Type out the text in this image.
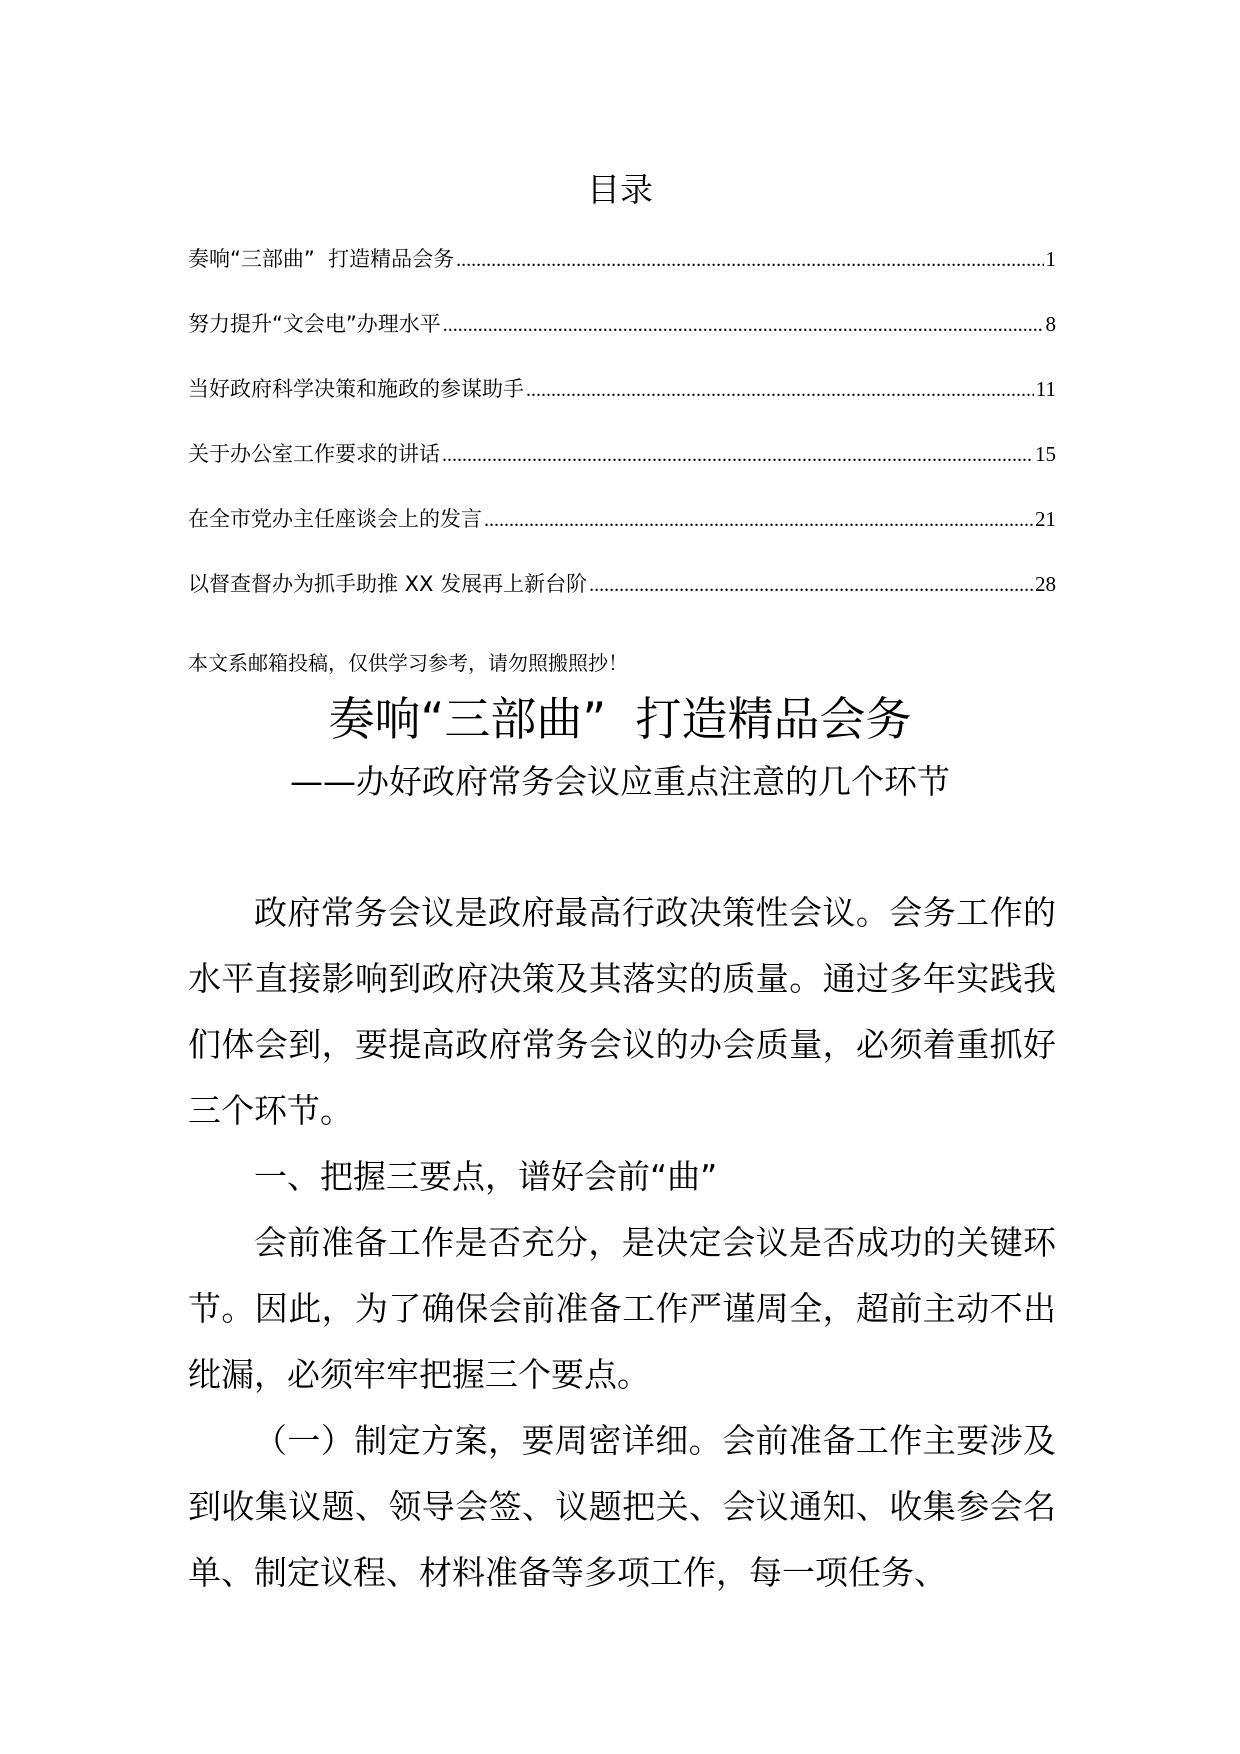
目录
奏响“三部曲”  打造精品会务 .....	1
努力提升“文会电”办理水平 .....	8
当好政府科学决策和施政的参谋助手 .....	11
关于办公室工作要求的讲话 .....	15
在全市党办主任座谈会上的发言 .....	21
以督查督办为抓手助推 XX 发展再上新台阶 .....	28
本文系邮箱投稿，仅供学习参考，请勿照搬照抄！
奏响“三部曲”  打造精品会务
——办好政府常务会议应重点注意的几个环节

政府常务会议是政府最高行政决策性会议。会务工作的水平直接影响到政府决策及其落实的质量。通过多年实践我们体会到，要提高政府常务会议的办会质量，必须着重抓好三个环节。

一、把握三要点，谱好会前“曲”

会前准备工作是否充分，是决定会议是否成功的关键环节。因此，为了确保会前准备工作严谨周全，超前主动不出纰漏，必须牢牢把握三个要点。

（一）制定方案，要周密详细。会前准备工作主要涉及到收集议题、领导会签、议题把关、会议通知、收集参会名单、制定议程、材料准备等多项工作，每一项任务、
